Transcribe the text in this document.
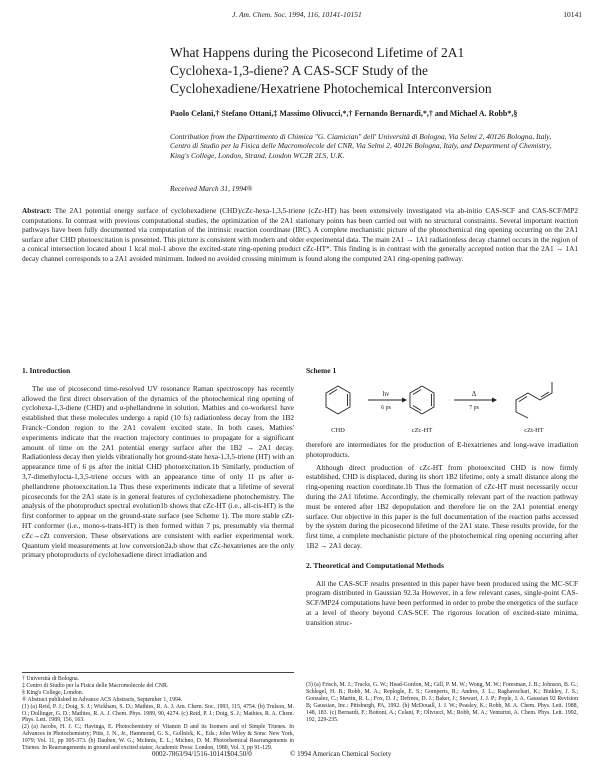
J. Am. Chem. Soc. 1994, 116, 10141-10151	10141
What Happens during the Picosecond Lifetime of 2A1 Cyclohexa-1,3-diene? A CAS-SCF Study of the Cyclohexadiene/Hexatriene Photochemical Interconversion
Paolo Celani,† Stefano Ottani,‡ Massimo Olivucci,*,† Fernando Bernardi,*,† and Michael A. Robb*,§
Contribution from the Dipartimento di Chimica "G. Ciamician" dell' Università di Bologna, Via Selmi 2, 40126 Bologna, Italy, Centro di Studio per la Fisica delle Macromolecole del CNR, Via Selmi 2, 40126 Bologna, Italy, and Department of Chemistry, King's College, London, Strand, London WC2R 2LS, U.K.
Received March 31, 1994®
Abstract: The 2A1 potential energy surface of cyclohexadiene (CHD)/cZc-hexa-1,3,5-triene (cZc-HT) has been extensively investigated via ab-initio CAS-SCF and CAS-SCF/MP2 computations. In contrast with previous computational studies, the optimization of the 2A1 stationary points has been carried out with no structural constraints. Several important reaction pathways have been fully documented via computation of the intrinsic reaction coordinate (IRC). A complete mechanistic picture of the photochemical ring opening occurring on the 2A1 surface after CHD photoexcitation is presented. This picture is consistent with modern and older experimental data. The main 2A1 → 1A1 radiationless decay channel occurs in the region of a conical intersection located about 1 kcal mol-1 above the excited-state ring-opening product cZc-HT*. This finding is in contrast with the generally accepted notion that the 2A1 → 1A1 decay channel corresponds to a 2A1 avoided minimum. Indeed no avoided crossing minimum is found along the computed 2A1 ring-opening pathway.
1. Introduction

The use of picosecond time-resolved UV resonance Raman spectroscopy has recently allowed the first direct observation of the dynamics of the photochemical ring opening of cyclohexa-1,3-diene (CHD) and α-phellandrene in solution. Mathies and co-workers1 have established that these molecules undergo a rapid (10 fs) radiationless decay from the 1B2 Franck−Condon region to the 2A1 covalent excited state. In both cases, Mathies' experiments indicate that the reaction trajectory continues to propagate for a significant amount of time on the 2A1 potential energy surface after the 1B2 → 2A1 decay. Radiationless decay then yields vibrationally hot ground-state hexa-1,3,5-triene (HT) with an appearance time of 6 ps after the initial CHD photoexcitation.1b Similarly, production of 3,7-dimethylocta-1,3,5-triene occurs with an appearance time of only 11 ps after α-phellandrene photoexcitation.1a Thus these experiments indicate that a lifetime of several picoseconds for the 2A1 state is in general features of cyclohexadiene photochemistry. The analysis of the photoproduct spectral evolution1b shows that cZc-HT (i.e., all-cis-HT) is the first conformer to appear on the ground-state surface (see Scheme 1). The more stable cZt-HT conformer (i.e., mono-s-trans-HT) is then formed within 7 ps, presumably via thermal cZc→cZt conversion. These observations are consistent with earlier experimental work. Quantum yield measurements at low conversion2a,b show that cZc-hexatrienes are the only primary photoproducts of cyclohexadiene direct irradiation and

Scheme 1
hν
6 ps
Δ
7 ps
CHD	cZc-HT	cZt-HT

therefore are intermediates for the production of E-hexatrienes and long-wave irradiation photoproducts.

Although direct production of cZc-HT from photoexcited CHD is now firmly established, CHD is displaced, during its short 1B2 lifetime, only a small distance along the ring-opening reaction coordinate.1b Thus the formation of cZc-HT must necessarily occur during the 2A1 lifetime. Accordingly, the chemically relevant part of the reaction pathway must be entered after 1B2 depopulation and therefore lie on the 2A1 potential energy surface. Our objective in this paper is the full documentation of the reaction paths accessed by the system during the picosecond lifetime of the 2A1 state. These results provide, for the first time, a complete mechanistic picture of the photochemical ring opening occurring after 1B2 → 2A1 decay.

2. Theoretical and Computational Methods

All the CAS-SCF results presented in this paper have been produced using the MC-SCF program distributed in Gaussian 92.3a However, in a few relevant cases, single-point CAS-SCF/MP24 computations have been performed in order to probe the energetics of the surface at a level of theory beyond CAS-SCF. The rigorous location of excited-state minima, transition struc-

† Università di Bologna.
‡ Centro di Studio per la Fisica delle Macromolecole del CNR.
§ King's College, London.
® Abstract published in Advance ACS Abstracts, September 1, 1994.
(1) (a) Reid, P. J.; Doig, S. J.; Wickham, S. D.; Mathies, R. A. J. Am. Chem. Soc. 1993, 115, 4754. (b) Trulson, M. O.; Dollinger, G. D.; Mathies, R. A. J. Chem. Phys. 1989, 90, 4274. (c) Reid, P. J.; Doig, S. J.; Mathies, R. A. Chem. Phys. Lett. 1989, 156, 163.
(2) (a) Jacobs, H. J. C.; Havinga, E. Photochemistry of Vitamin D and its Isomers and of Simple Trienes. In Advances in Photochemistry; Pitts, J. N., Jr., Hammond, G. S., Gollnick, K., Eds.; John Wiley & Sons: New York, 1979; Vol. 11, pp 305-373. (b) Dauben, W. G.; McInnis, E. L.; Michno, D. M. Photochemical Rearrangements in Trienes. In Rearrangements in ground and excited states; Academic Press: London, 1980, Vol. 3, pp 91-129.
(3) (a) Frisch, M. J.; Trucks, G. W.; Head-Gordon, M.; Gill, P. M. W.; Wong, M. W.; Foresman, J. B.; Johnson, B. G.; Schlegel, H. B.; Robb, M. A.; Replogle, E. S.; Gomperts, R.; Andres, J. L.; Raghavachari, K.; Binkley, J. S.; Gonzalez, C.; Martin, R. L.; Fox, D. J.; Defrees, D. J.; Baker, J.; Stewart, J. J. P.; Pople, J. A. Gaussian 92 Revision B; Gaussian, Inc.: Pittsburgh, PA, 1992. (b) McDouall, J. J. W.; Peasley, K.; Robb, M. A. Chem. Phys. Lett. 1988, 148, 183. (c) Bernardi, F.; Bottoni, A.; Celani, P.; Olivucci, M.; Robb, M. A.; Venturini, A. Chem. Phys. Lett. 1992, 192, 229-235.
0002-7863/94/1516-10141$04.50/0	© 1994 American Chemical Society
